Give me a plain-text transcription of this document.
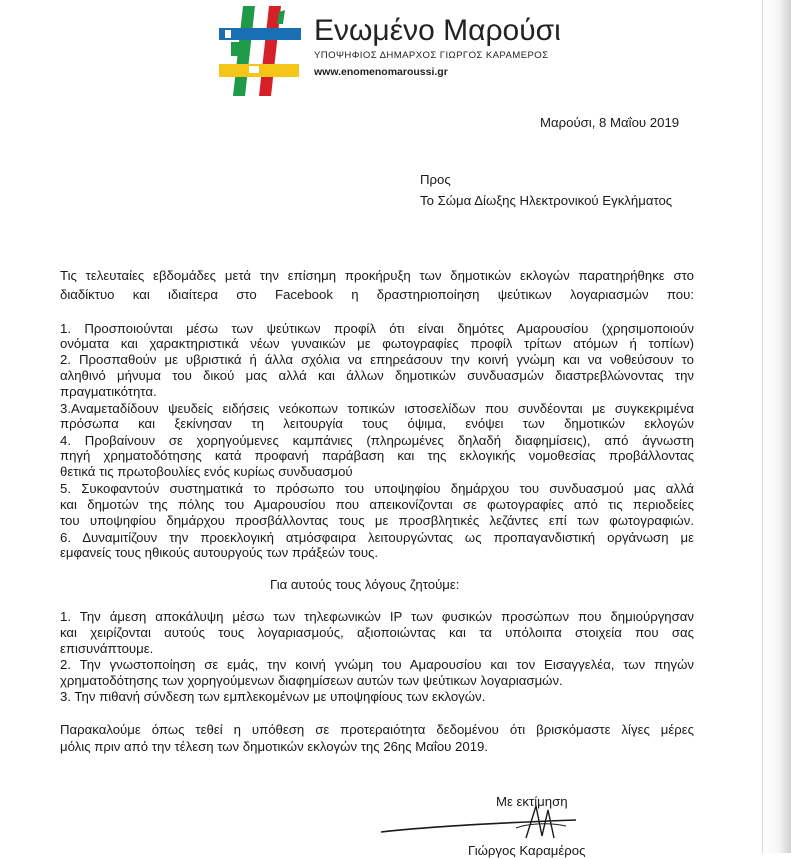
Ενωμένο Μαρούσι
ΥΠΟΨΗΦΙΟΣ ΔΗΜΑΡΧΟΣ ΓΙΩΡΓΟΣ ΚΑΡΑΜΕΡΟΣ
www.enomenomaroussi.gr
Μαρούσι, 8 Μαΐου 2019
Προς
Το Σώμα Δίωξης Ηλεκτρονικού Εγκλήματος
Τις τελευταίες εβδομάδες μετά την επίσημη προκήρυξη των δημοτικών εκλογών παρατηρήθηκε στο
διαδίκτυο και ιδιαίτερα στο Facebook η δραστηριοποίηση ψεύτικων λογαριασμών που:
1. Προσποιούνται μέσω των ψεύτικων προφίλ ότι είναι δημότες Αμαρουσίου (χρησιμοποιούν
ονόματα και χαρακτηριστικά νέων γυναικών με φωτογραφίες προφίλ τρίτων ατόμων ή τοπίων)
2. Προσπαθούν με υβριστικά ή άλλα σχόλια να επηρεάσουν την κοινή γνώμη και να νοθεύσουν το
αληθινό μήνυμα του δικού μας αλλά και άλλων δημοτικών συνδυασμών διαστρεβλώνοντας την
πραγματικότητα.
3.Αναμεταδίδουν ψευδείς ειδήσεις νεόκοπων τοπικών ιστοσελίδων που συνδέονται με συγκεκριμένα
πρόσωπα και ξεκίνησαν τη λειτουργία τους όψιμα, ενόψει των δημοτικών εκλογών
4. Προβαίνουν σε χορηγούμενες καμπάνιες (πληρωμένες δηλαδή διαφημίσεις), από άγνωστη
πηγή χρηματοδότησης κατά προφανή παράβαση και της εκλογικής νομοθεσίας προβάλλοντας
θετικά τις πρωτοβουλίες ενός κυρίως συνδυασμού
5. Συκοφαντούν συστηματικά το πρόσωπο του υποψηφίου δημάρχου του συνδυασμού μας αλλά
και δημοτών της πόλης του Αμαρουσίου που απεικονίζονται σε φωτογραφίες από τις περιοδείες
του υποψηφίου δημάρχου προσβάλλοντας τους με προσβλητικές λεζάντες επί των φωτογραφιών.
6. Δυναμιτίζουν την προεκλογική ατμόσφαιρα λειτουργώντας ως προπαγανδιστική οργάνωση με
εμφανείς τους ηθικούς αυτουργούς των πράξεών τους.
Για αυτούς τους λόγους ζητούμε:
1. Την άμεση αποκάλυψη μέσω των τηλεφωνικών IP των φυσικών προσώπων που δημιούργησαν
και χειρίζονται αυτούς τους λογαριασμούς, αξιοποιώντας και τα υπόλοιπα στοιχεία που σας
επισυνάπτουμε.
2. Την γνωστοποίηση σε εμάς, την κοινή γνώμη του Αμαρουσίου και τον Εισαγγελέα, των πηγών
χρηματοδότησης των χορηγούμενων διαφημίσεων αυτών των ψεύτικων λογαριασμών.
3. Την πιθανή σύνδεση των εμπλεκομένων με υποψηφίους των εκλογών.
Παρακαλούμε όπως τεθεί η υπόθεση σε προτεραιότητα δεδομένου ότι βρισκόμαστε λίγες μέρες
μόλις πριν από την τέλεση των δημοτικών εκλογών της 26ης Μαΐου 2019.
Με εκτίμηση
Γιώργος Καραμέρος
